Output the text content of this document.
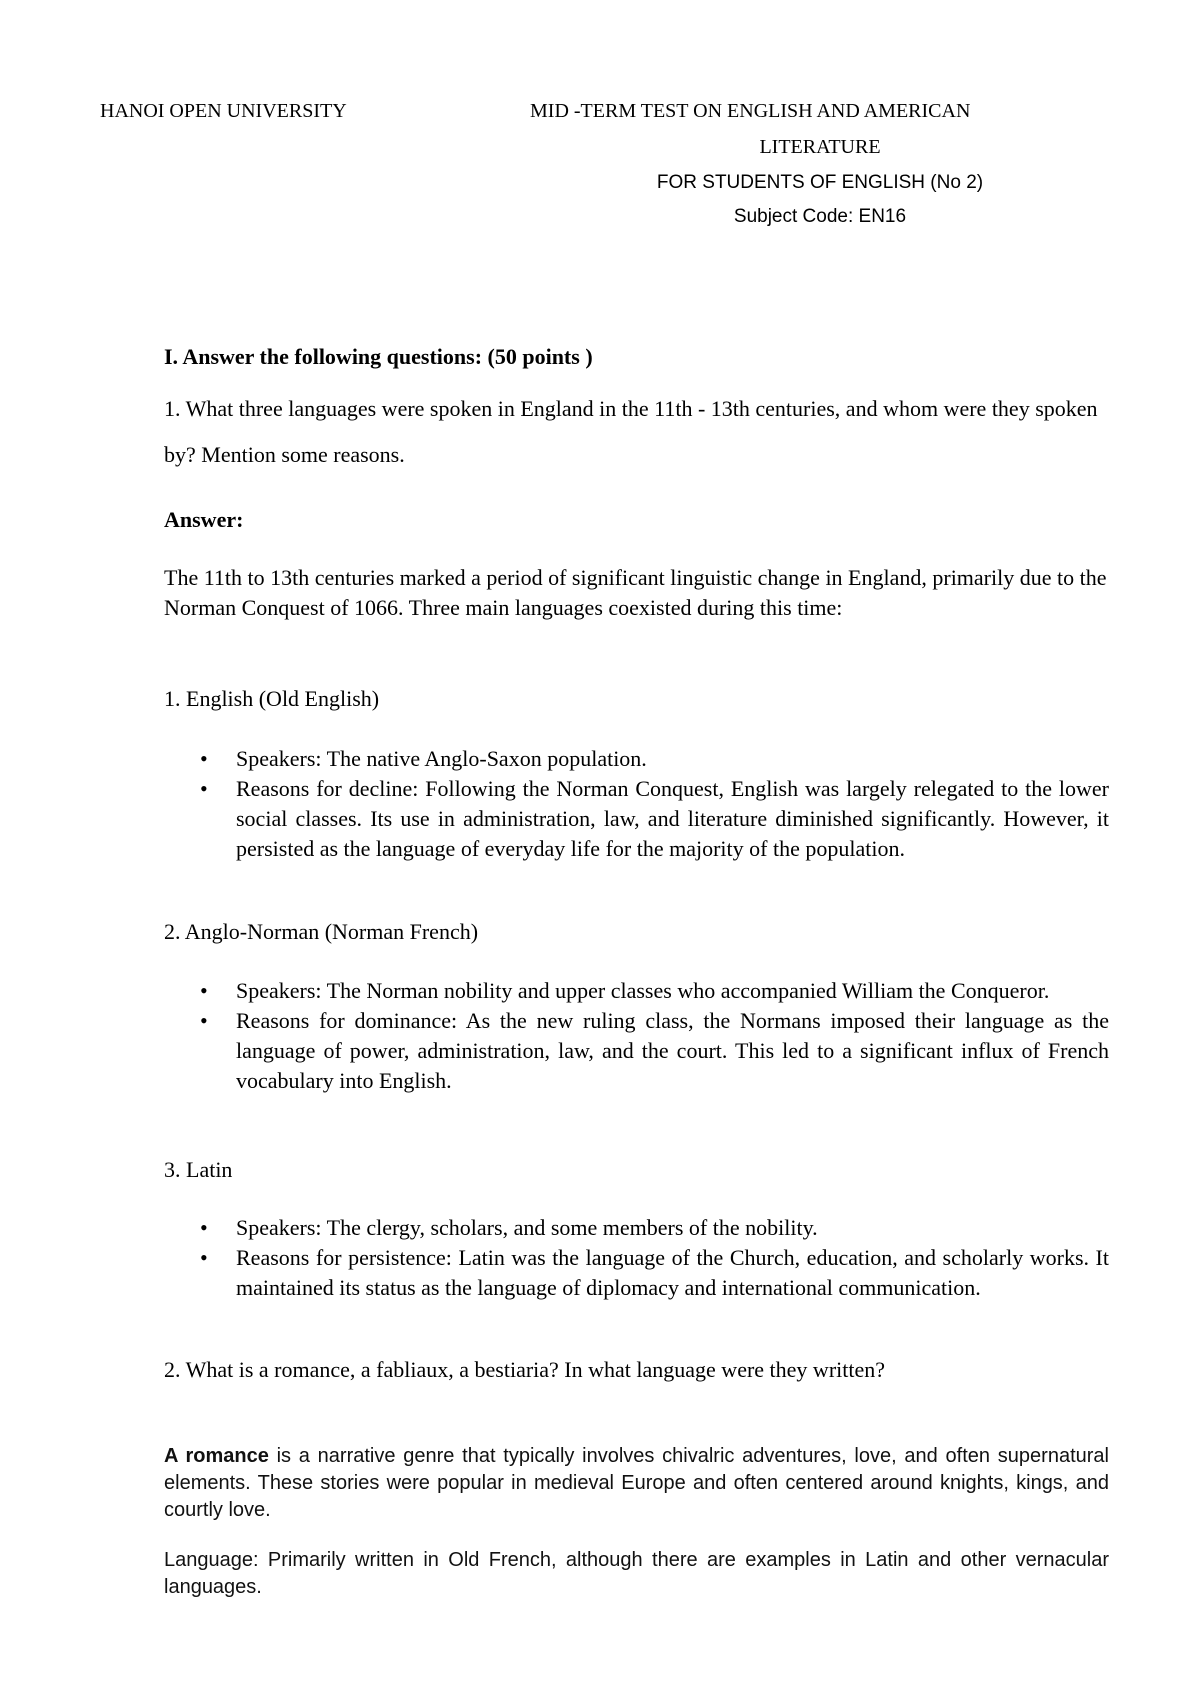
HANOI OPEN UNIVERSITY	MID -TERM TEST ON ENGLISH AND AMERICAN
LITERATURE
FOR STUDENTS OF ENGLISH (No 2)
Subject Code: EN16
I. Answer the following questions: (50 points )
1. What three languages were spoken in England in the 11th - 13th centuries, and whom were they spoken by? Mention some reasons.
Answer:
The 11th to 13th centuries marked a period of significant linguistic change in England, primarily due to the Norman Conquest of 1066. Three main languages coexisted during this time:
1. English (Old English)
• Speakers: The native Anglo-Saxon population.
• Reasons for decline: Following the Norman Conquest, English was largely relegated to the lower social classes. Its use in administration, law, and literature diminished significantly. However, it persisted as the language of everyday life for the majority of the population.
2. Anglo-Norman (Norman French)
• Speakers: The Norman nobility and upper classes who accompanied William the Conqueror.
• Reasons for dominance: As the new ruling class, the Normans imposed their language as the language of power, administration, law, and the court. This led to a significant influx of French vocabulary into English.
3. Latin
• Speakers: The clergy, scholars, and some members of the nobility.
• Reasons for persistence: Latin was the language of the Church, education, and scholarly works. It maintained its status as the language of diplomacy and international communication.
2. What is a romance, a fabliaux, a bestiaria? In what language were they written?
A romance is a narrative genre that typically involves chivalric adventures, love, and often supernatural elements. These stories were popular in medieval Europe and often centered around knights, kings, and courtly love.
Language: Primarily written in Old French, although there are examples in Latin and other vernacular languages.
